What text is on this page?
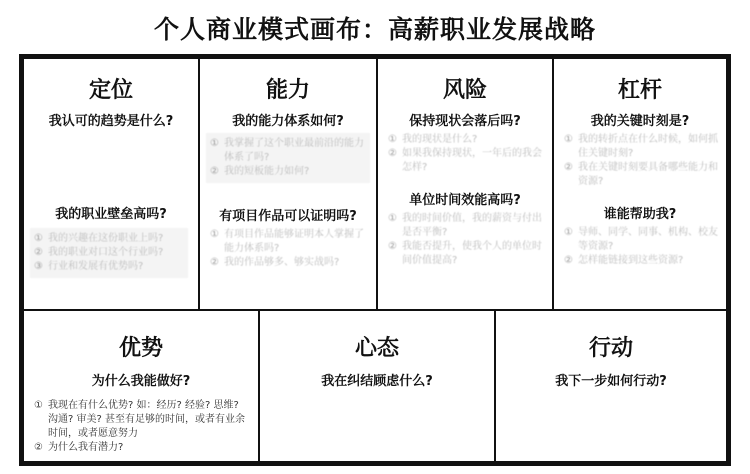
个人商业模式画布：高薪职业发展战略
定位
我认可的趋势是什么?
我的职业壁垒高吗?
① 我的兴趣在这份职业上吗?
② 我的职业对口这个行业吗?
③ 行业和发展有优势吗?
能力
我的能力体系如何?
① 我掌握了这个职业最前沿的能力体系了吗?
② 我的短板能力如何?
有项目作品可以证明吗?
① 有项目作品能够证明本人掌握了能力体系吗?
② 我的作品够多、够实战吗?
风险
保持现状会落后吗?
① 我的现状是什么?
② 如果我保持现状，一年后的我会怎样?
单位时间效能高吗?
① 我的时间价值，我的薪资与付出是否平衡?
② 我能否提升，使我个人的单位时间价值提高?
杠杆
我的关键时刻是?
① 我的转折点在什么时候，如何抓住关键时刻?
② 我在关键时刻要具备哪些能力和资源?
谁能帮助我?
① 导师、同学、同事、机构、校友等资源?
② 怎样能链接到这些资源?
优势
为什么我能做好?
① 我现在有什么优势? 如：经历? 经验? 思维? 沟通? 审美? 甚至有足够的时间，或者有业余时间，或者愿意努力
② 为什么我有潜力?
心态
我在纠结顾虑什么?
行动
我下一步如何行动?
